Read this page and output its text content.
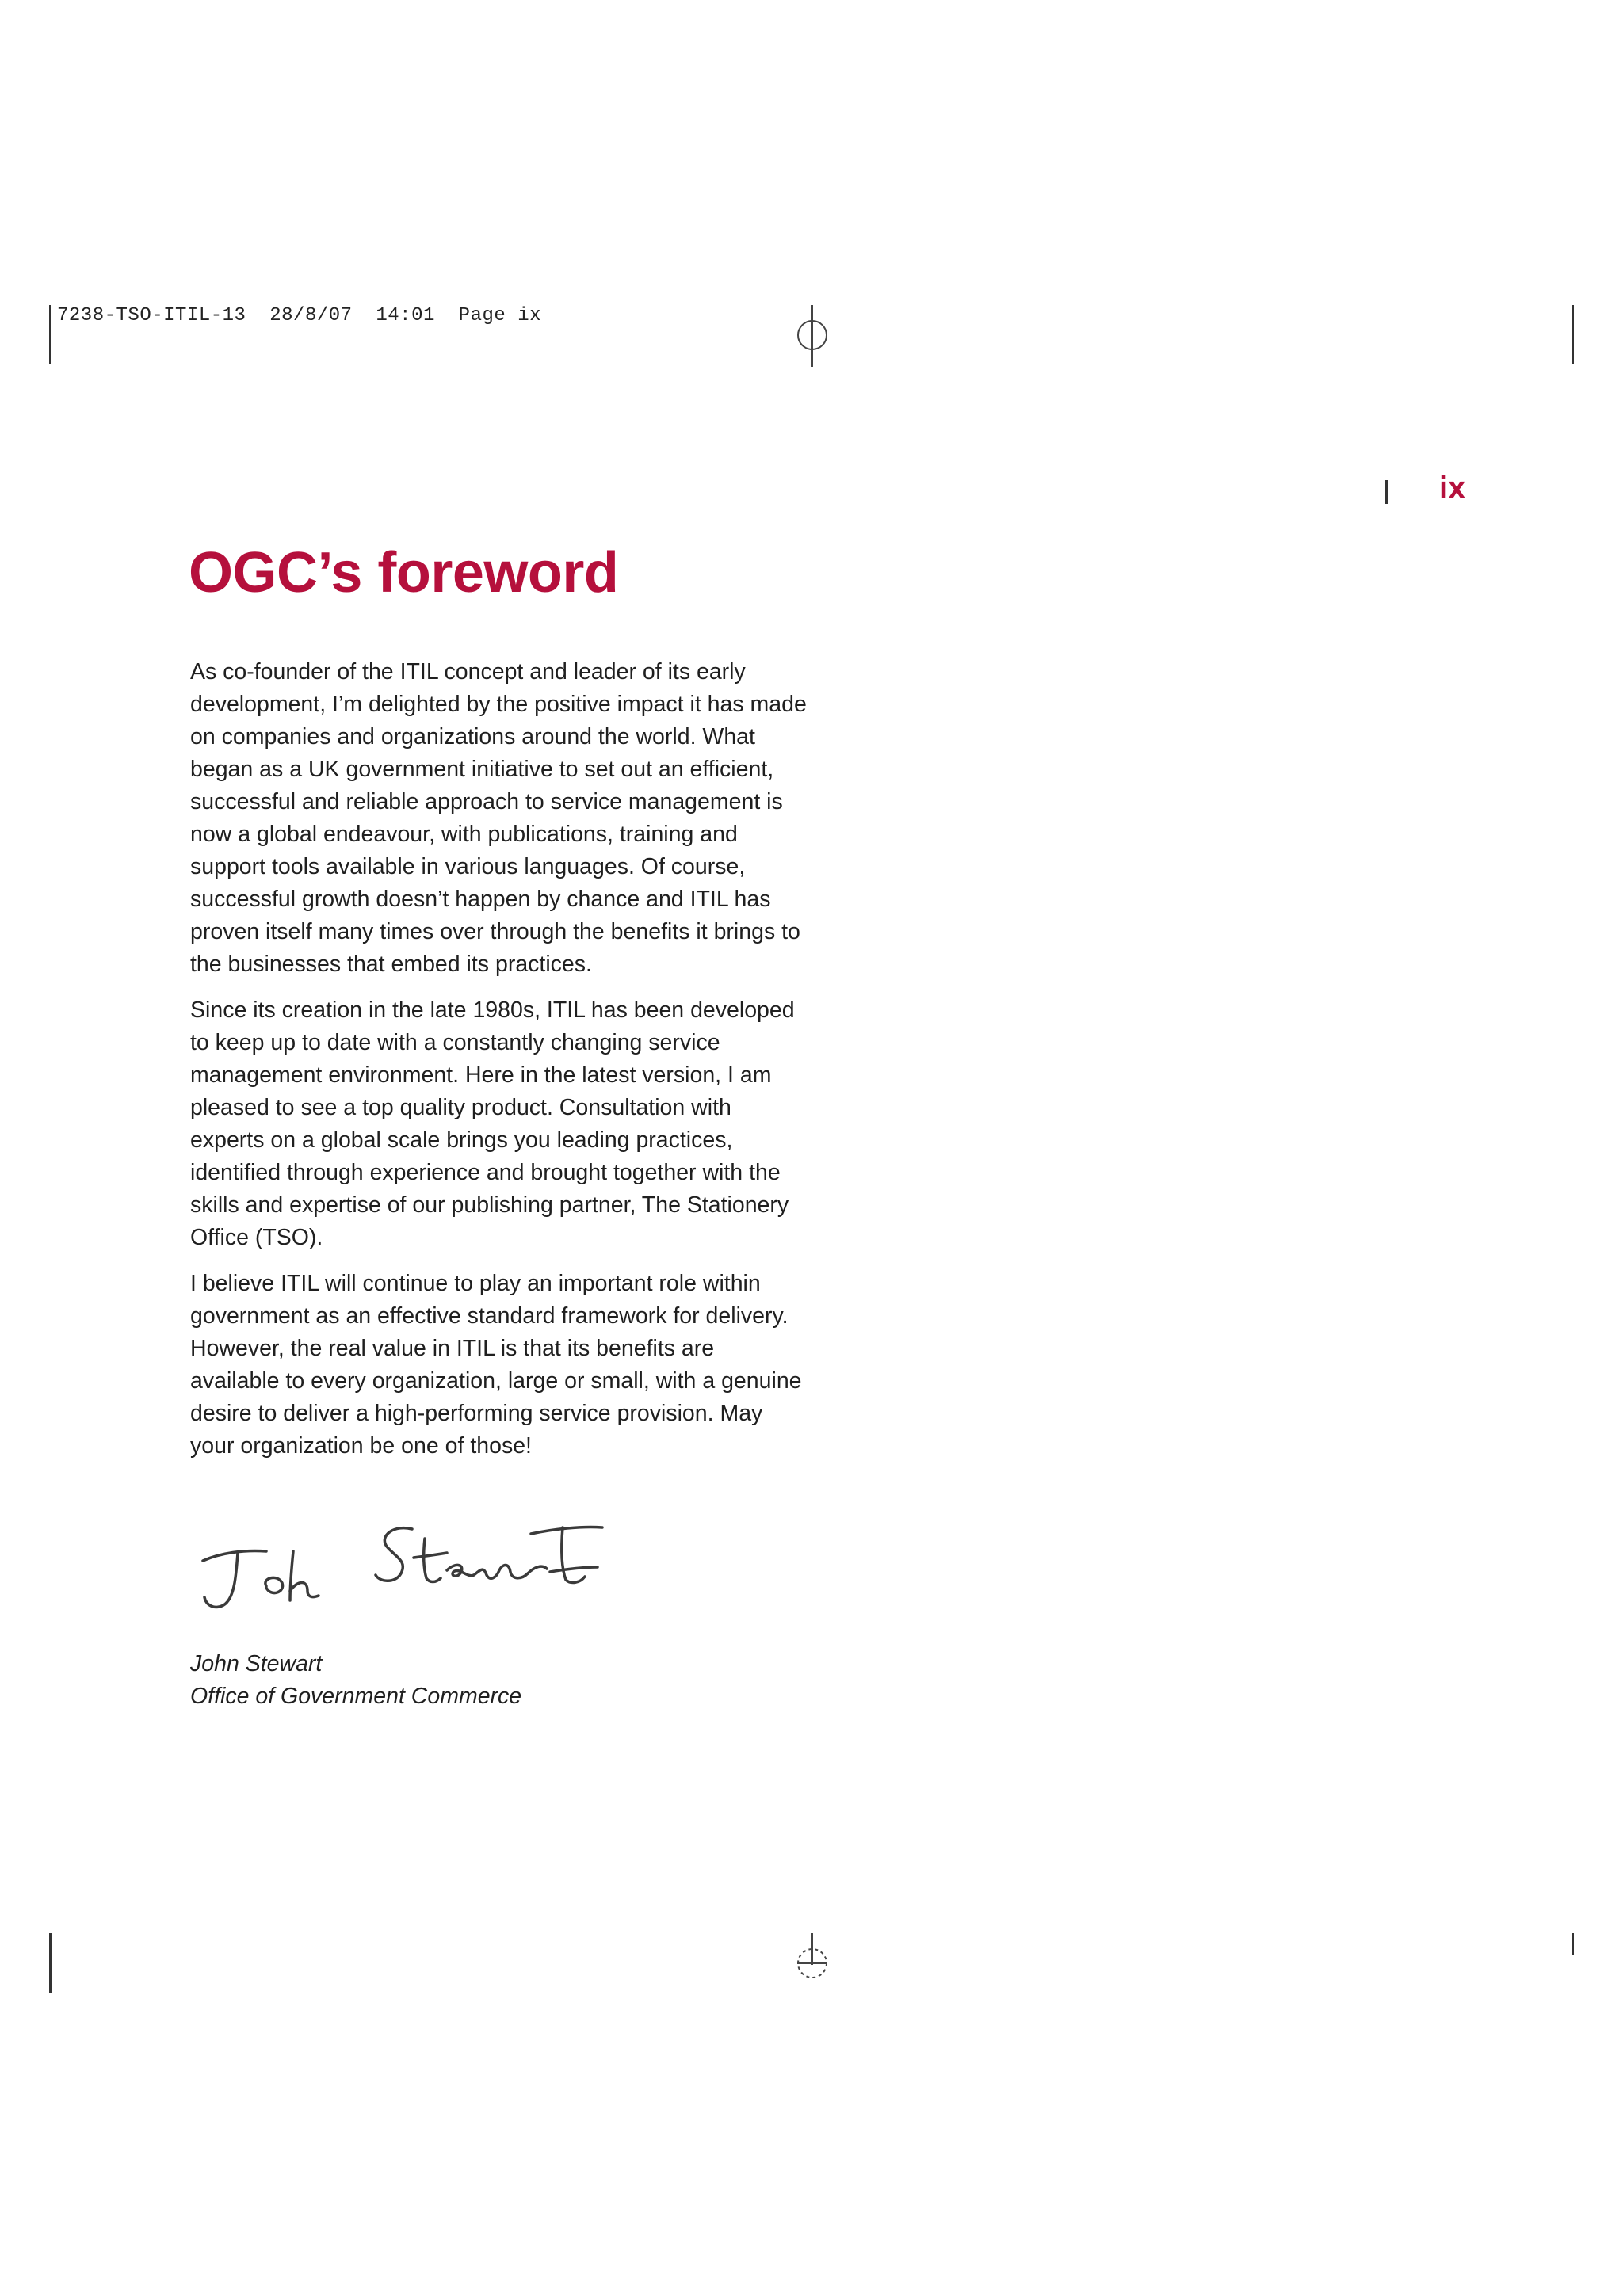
7238-TSO-ITIL-13  28/8/07  14:01  Page ix
ix
OGC’s foreword

As co-founder of the ITIL concept and leader of its early development, I’m delighted by the positive impact it has made on companies and organizations around the world. What began as a UK government initiative to set out an efficient, successful and reliable approach to service management is now a global endeavour, with publications, training and support tools available in various languages. Of course, successful growth doesn’t happen by chance and ITIL has proven itself many times over through the benefits it brings to the businesses that embed its practices.

Since its creation in the late 1980s, ITIL has been developed to keep up to date with a constantly changing service management environment. Here in the latest version, I am pleased to see a top quality product. Consultation with experts on a global scale brings you leading practices, identified through experience and brought together with the skills and expertise of our publishing partner, The Stationery Office (TSO).

I believe ITIL will continue to play an important role within government as an effective standard framework for delivery. However, the real value in ITIL is that its benefits are available to every organization, large or small, with a genuine desire to deliver a high-performing service provision. May your organization be one of those!

John Stewart
Office of Government Commerce
